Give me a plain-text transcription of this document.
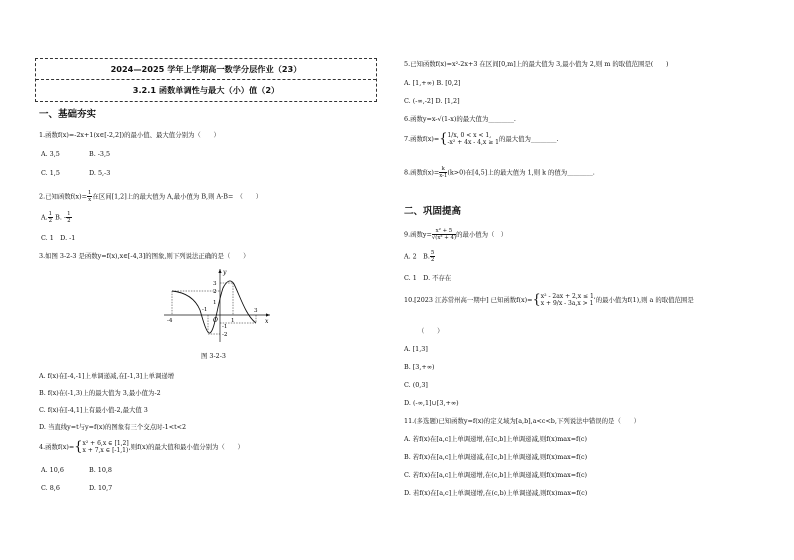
2024—2025 学年上学期高一数学分层作业（23）
3.2.1 函数单调性与最大（小）值（2）
一、基础夯实
1.函数f(x)=-2x+1(x∈[-2,2])的最小值、最大值分别为（　　）
A. 3,5	B. -3,5
C. 1,5	D. 5,-3
2.已知函数$f(x)= \frac{1}{x}$ 在区间[1,2]上的最大值为 A,最小值为 B,则 A-B=　（　　）
A. $\frac{1}{2} B$. - $\frac{1}{2}$
C. 1　D. -1
3.如图 3-2-3 是函数y=f(x),x∈[-4,3]的图象,则下列说法正确的是（　　）
y
x
O
-4
-1
1
3
3
2
1
-1
-2
图 3-2-3
A. f(x)在[-4,-1]上单调递减,在[-1,3]上单调递增
B. f(x)在(-1,3)上的最大值为 3,最小值为-2
C. f(x)在[-4,1]上有最小值-2,最大值 3
D. 当直线y=t与y=f(x)的图象有三个交点时-1<t<2
4.函数f(x)={ x² + 6,x ∈ [1,2]
x + 7,x ∈ [-1,1) ,则f(x)的最大值和最小值分别为（　　）
A. 10,6	B. 10,8
C. 8,6	D. 10,7
5.已知函数f(x)=x²-2x+3 在区间[0,m]上的最大值为 3,最小值为 2,则 m 的取值范围是(　　)
A. [1,+∞) B. [0,2]
C. (-∞,-2] D. [1,2]
6.函数y=x-√(1-x)的最大值为________.
7.函数f(x)={ 1/x, 0 < x < 1,
-x² + 4x - 4,x ≥ 1 的最大值为________.
8.函数$f(x)= \frac{k}{x-1} (k>0)$在[4,5]上的最大值为 1,则 k 的值为________.
二、巩固提高
9.函数$y= \frac{\text{x² + 5}}{\text{√(x² + 4)}}$ 的最小值为（　）
A. 2　B. $\frac{5}{2}$
C. 1　D. 不存在
10.[2023 江苏常州高一期中] 已知函数f(x)={ x² - 2ax + 2,x ≤ 1,
x + 9/x - 3a,x > 1 的最小值为f(1),则 a 的取值范围是
（　　）
A. [1,3]
B. [3,+∞)
C. (0,3]
D. (-∞,1]∪[3,+∞)
11.(多选题)已知函数y=f(x)的定义域为[a,b],a<c<b,下列说法中错误的是（　　）
A. 若f(x)在[a,c]上单调递增,在[c,b]上单调递减,则f(x)max=f(c)
B. 若f(x)在[a,c]上单调递减,在[c,b]上单调递减,则f(x)max=f(c)
C. 若f(x)在[a,c]上单调递增,在(c,b]上单调递减,则f(x)max=f(c)
D. 若f(x)在[a,c]上单调递增,在(c,b)上单调递减,则f(x)max=f(c)
